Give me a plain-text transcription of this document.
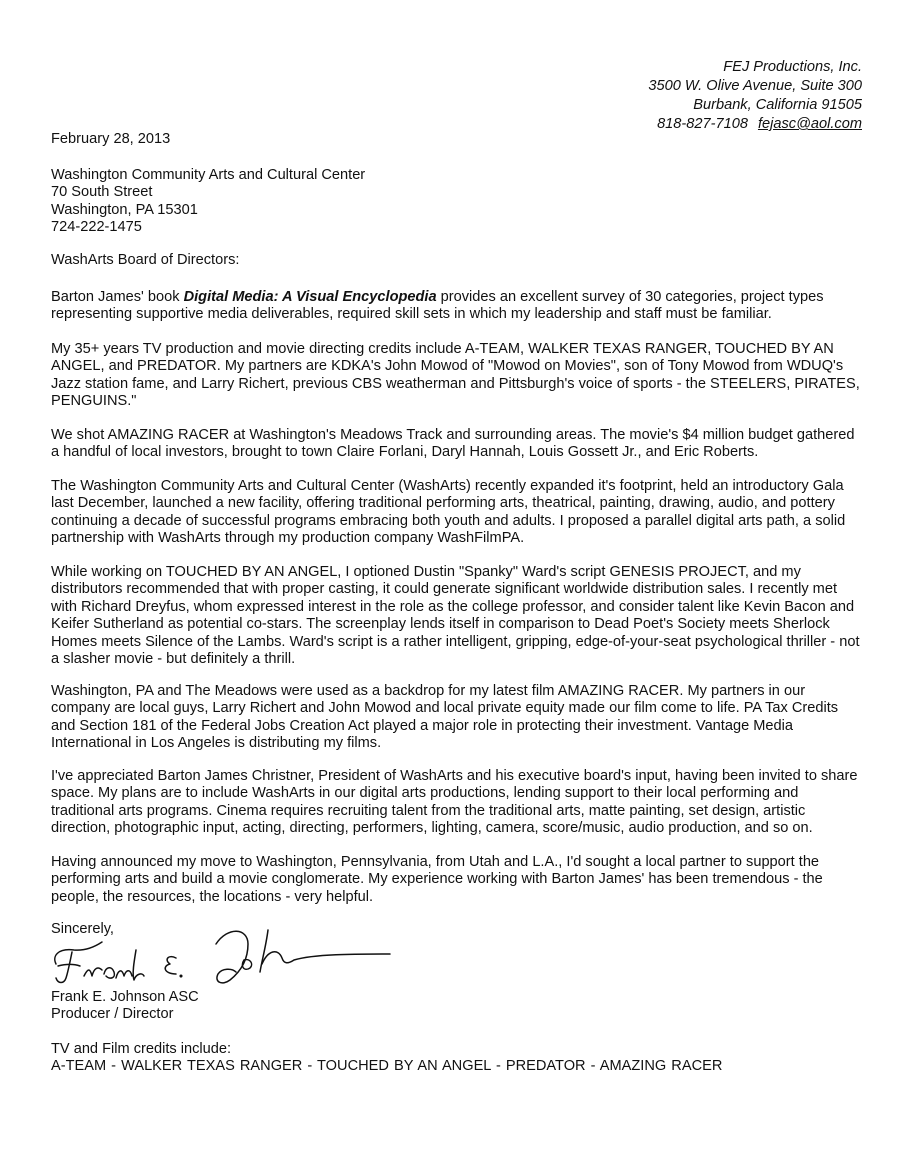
FEJ Productions, Inc.
3500 W. Olive Avenue, Suite 300
Burbank, California 91505
818-827-7108 fejasc@aol.com
February 28, 2013
Washington Community Arts and Cultural Center
70 South Street
Washington, PA 15301
724-222-1475
WashArts Board of Directors:

Barton James' book Digital Media: A Visual Encyclopedia provides an excellent survey of 30 categories, project types representing supportive media deliverables, required skill sets in which my leadership and staff must be familiar.

My 35+ years TV production and movie directing credits include A-TEAM, WALKER TEXAS RANGER, TOUCHED BY AN ANGEL, and PREDATOR. My partners are KDKA's John Mowod of "Mowod on Movies", son of Tony Mowod from WDUQ's Jazz station fame, and Larry Richert, previous CBS weatherman and Pittsburgh's voice of sports - the STEELERS, PIRATES, PENGUINS."

We shot AMAZING RACER at Washington's Meadows Track and surrounding areas. The movie's $4 million budget gathered a handful of local investors, brought to town Claire Forlani, Daryl Hannah, Louis Gossett Jr., and Eric Roberts.

The Washington Community Arts and Cultural Center (WashArts) recently expanded it's footprint, held an introductory Gala last December, launched a new facility, offering traditional performing arts, theatrical, painting, drawing, audio, and pottery continuing a decade of successful programs embracing both youth and adults. I proposed a parallel digital arts path, a solid partnership with WashArts through my production company WashFilmPA.

While working on TOUCHED BY AN ANGEL, I optioned Dustin "Spanky" Ward's script GENESIS PROJECT, and my distributors recommended that with proper casting, it could generate significant worldwide distribution sales. I recently met with Richard Dreyfus, whom expressed interest in the role as the college professor, and consider talent like Kevin Bacon and Keifer Sutherland as potential co-stars. The screenplay lends itself in comparison to Dead Poet's Society meets Sherlock Homes meets Silence of the Lambs. Ward's script is a rather intelligent, gripping, edge-of-your-seat psychological thriller - not a slasher movie - but definitely a thrill.

Washington, PA and The Meadows were used as a backdrop for my latest film AMAZING RACER. My partners in our company are local guys, Larry Richert and John Mowod and local private equity made our film come to life. PA Tax Credits and Section 181 of the Federal Jobs Creation Act played a major role in protecting their investment. Vantage Media International in Los Angeles is distributing my films.

I've appreciated Barton James Christner, President of WashArts and his executive board's input, having been invited to share space. My plans are to include WashArts in our digital arts productions, lending support to their local performing and traditional arts programs. Cinema requires recruiting talent from the traditional arts, matte painting, set design, artistic direction, photographic input, acting, directing, performers, lighting, camera, score/music, audio production, and so on.

Having announced my move to Washington, Pennsylvania, from Utah and L.A., I'd sought a local partner to support the performing arts and build a movie conglomerate. My experience working with Barton James' has been tremendous - the people, the resources, the locations - very helpful.

Sincerely,
Frank E. Johnson ASC
Producer / Director
TV and Film credits include:
A-TEAM - WALKER TEXAS RANGER - TOUCHED BY AN ANGEL - PREDATOR - AMAZING RACER
